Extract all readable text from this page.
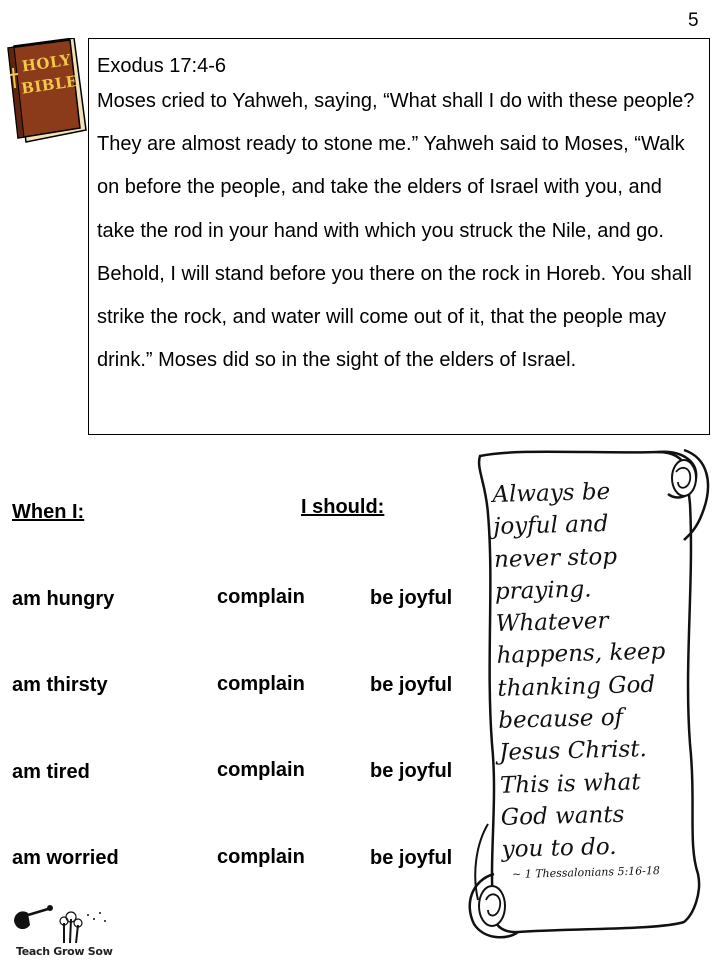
5
HOLY
BIBLE
Exodus 17:4-6
Moses cried to Yahweh, saying, “What shall I do with these people? They are almost ready to stone me.” Yahweh said to Moses, “Walk on before the people, and take the elders of Israel with you, and take the rod in your hand with which you struck the Nile, and go. Behold, I will stand before you there on the rock in Horeb. You shall strike the rock, and water will come out of it, that the people may drink.” Moses did so in the sight of the elders of Israel.
When I:	I should:
am hungry	complain	be joyful
am thirsty	complain	be joyful
am tired	complain	be joyful
am worried	complain	be joyful
Always be
joyful and
never stop
praying.
Whatever
happens, keep
thanking God
because of
Jesus Christ.
This is what
God wants
you to do.
~ 1 Thessalonians 5:16-18
Teach Grow Sow
